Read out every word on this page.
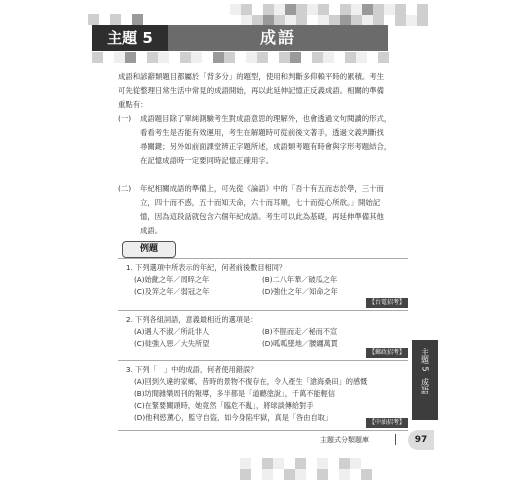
主題 5	成語
成語和諺辭類題目都屬於「背多分」的題型，使用和判斷多仰賴平時的累積。考生
可先從整理日常生活中常見的成語開始，再以此延伸記憶正反義成語。相關的準備
重點有：
(一) 成語題目除了單純測驗考生對成語意思的理解外，也會透過文句閱讀的形式，
看看考生是否能有效運用，考生在解題時可從前後文著手，透過文義判斷找
尋關鍵；另外如前面課堂辨正字題所述，成語類考題有時會與字形考題結合，
在記憶成語時一定要同時記憶正確用字。
(二) 年紀相關成語的準備上，可先從《論語》中的「吾十有五而志於學，三十而
立，四十而不惑，五十而知天命，六十而耳順，七十而從心所欲。」開始記
憶，因為這段話就包含六個年紀成語。考生可以此為基礎，再延伸準備其他
成語。
例題
1. 下列選項中所表示的年紀，何者前後數目相同？
(A)始齔之年／周晬之年	(B)二八年華／破瓜之年
(C)及笄之年／弱冠之年	(D)強仕之年／知命之年
【台電招考】
2. 下列各組詞語，意義最相近的選項是：
(A)遇人不淑／所託非人	(B)不脛而走／秘而不宣
(C)徙強入惡／大失所望	(D)呱呱墜地／腰纏萬貫
【郵政招考】
3. 下列「　」中的成語，何者使用錯誤？
(A)回到久違的家鄉，昔時的景物不復存在，令人產生「滄海桑田」的感慨
(B)坊間雜樂周刊的報導，多半都是「道聽塗說」，千萬不能輕信
(C)在緊要關頭時，她竟然「臨危不亂」，將球談傳給對手
(D)他利慾薰心，監守自盜，如今身陷牢獄，真是「咎由自取」
【中油招考】
主題 5
成語
主題式分類題庫	97
